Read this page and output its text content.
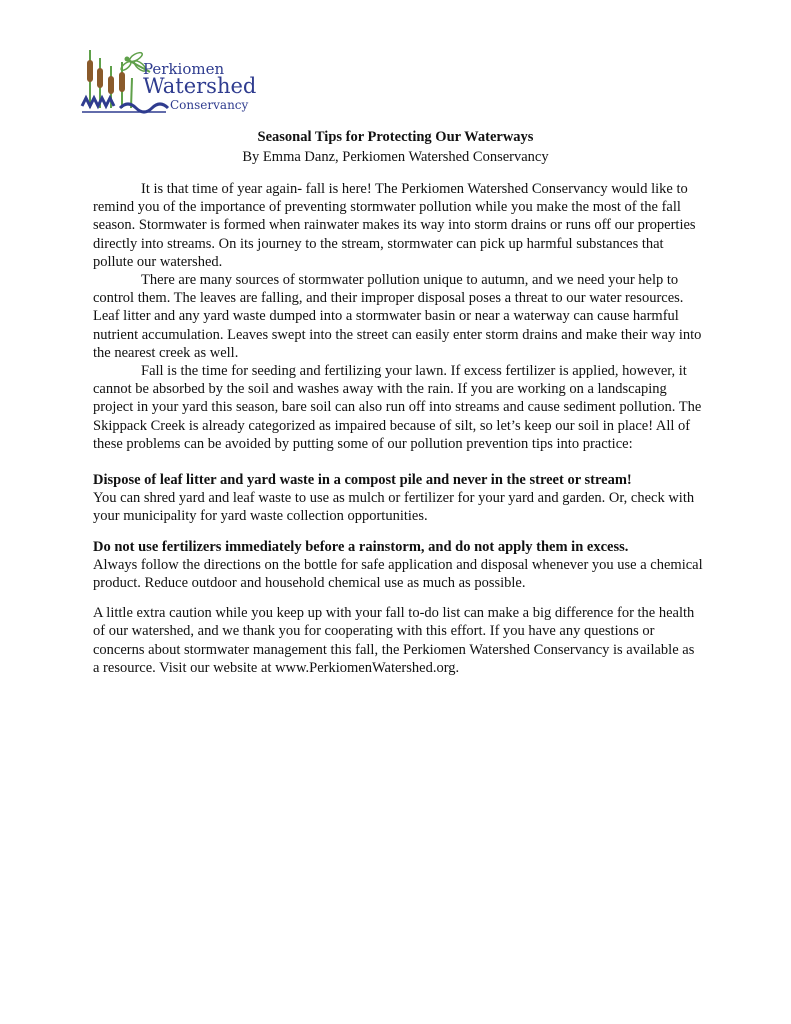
Perkiomen
Watershed
Conservancy
Seasonal Tips for Protecting Our Waterways
By Emma Danz, Perkiomen Watershed Conservancy

It is that time of year again- fall is here! The Perkiomen Watershed Conservancy would like to remind you of the importance of preventing stormwater pollution while you make the most of the fall season. Stormwater is formed when rainwater makes its way into storm drains or runs off our properties directly into streams. On its journey to the stream, stormwater can pick up harmful substances that pollute our watershed.

There are many sources of stormwater pollution unique to autumn, and we need your help to control them. The leaves are falling, and their improper disposal poses a threat to our water resources. Leaf litter and any yard waste dumped into a stormwater basin or near a waterway can cause harmful nutrient accumulation. Leaves swept into the street can easily enter storm drains and make their way into the nearest creek as well.

Fall is the time for seeding and fertilizing your lawn. If excess fertilizer is applied, however, it cannot be absorbed by the soil and washes away with the rain. If you are working on a landscaping project in your yard this season, bare soil can also run off into streams and cause sediment pollution. The Skippack Creek is already categorized as impaired because of silt, so let’s keep our soil in place! All of these problems can be avoided by putting some of our pollution prevention tips into practice:

Dispose of leaf litter and yard waste in a compost pile and never in the street or stream!
You can shred yard and leaf waste to use as mulch or fertilizer for your yard and garden. Or, check with your municipality for yard waste collection opportunities.

Do not use fertilizers immediately before a rainstorm, and do not apply them in excess.
Always follow the directions on the bottle for safe application and disposal whenever you use a chemical product. Reduce outdoor and household chemical use as much as possible.

A little extra caution while you keep up with your fall to-do list can make a big difference for the health of our watershed, and we thank you for cooperating with this effort. If you have any questions or concerns about stormwater management this fall, the Perkiomen Watershed Conservancy is available as a resource. Visit our website at www.PerkiomenWatershed.org.
